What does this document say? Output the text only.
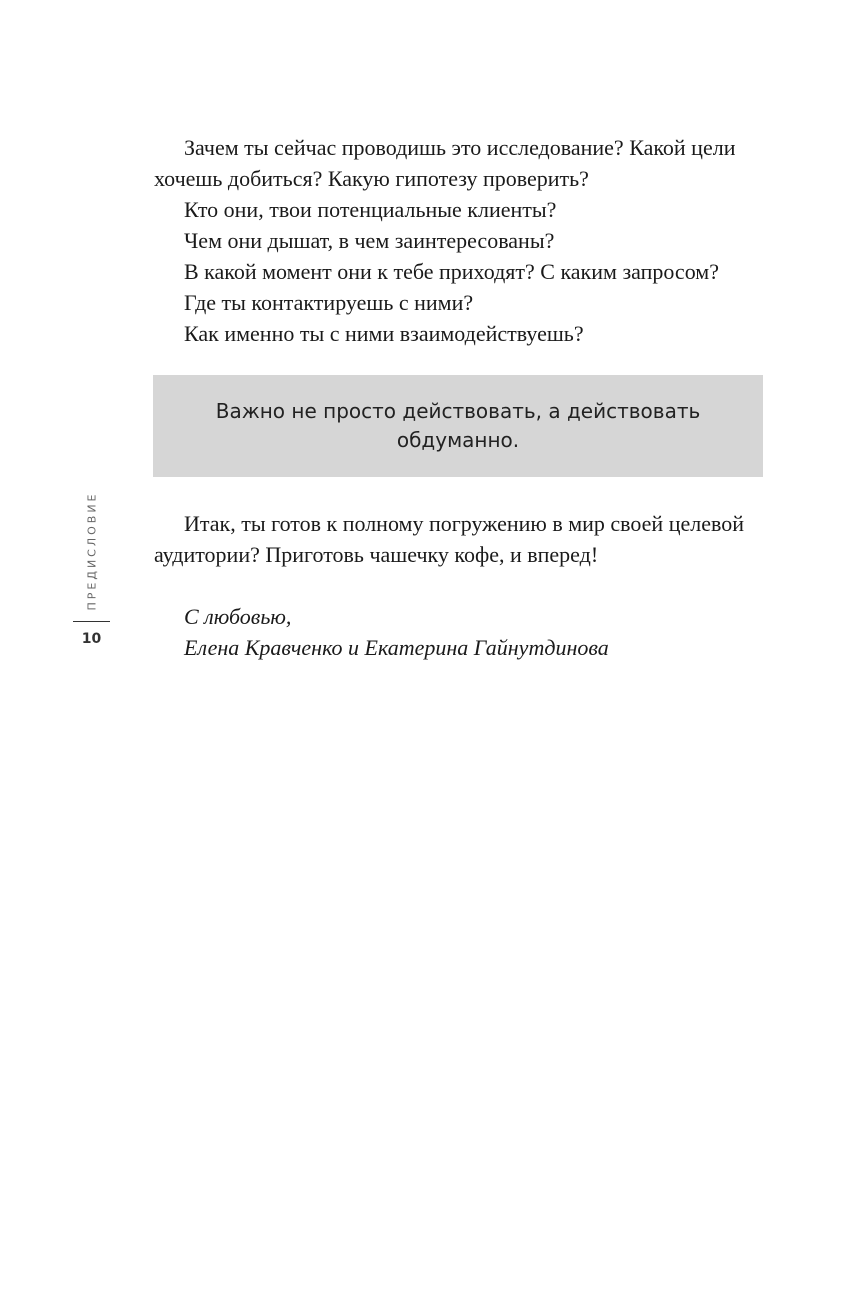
Зачем ты сейчас проводишь это исследование? Какой цели хочешь добиться? Какую гипотезу проверить?

Кто они, твои потенциальные клиенты?

Чем они дышат, в чем заинтересованы?

В какой момент они к тебе приходят? С каким запросом?

Где ты контактируешь с ними?

Как именно ты с ними взаимодействуешь?

Важно не просто действовать, а действовать обдуманно.

Итак, ты готов к полному погружению в мир своей целевой

аудитории? Приготовь чашечку кофе, и вперед!

С любовью,

Елена Кравченко и Екатерина Гайнутдинова

ПРЕДИСЛОВИЕ
10
